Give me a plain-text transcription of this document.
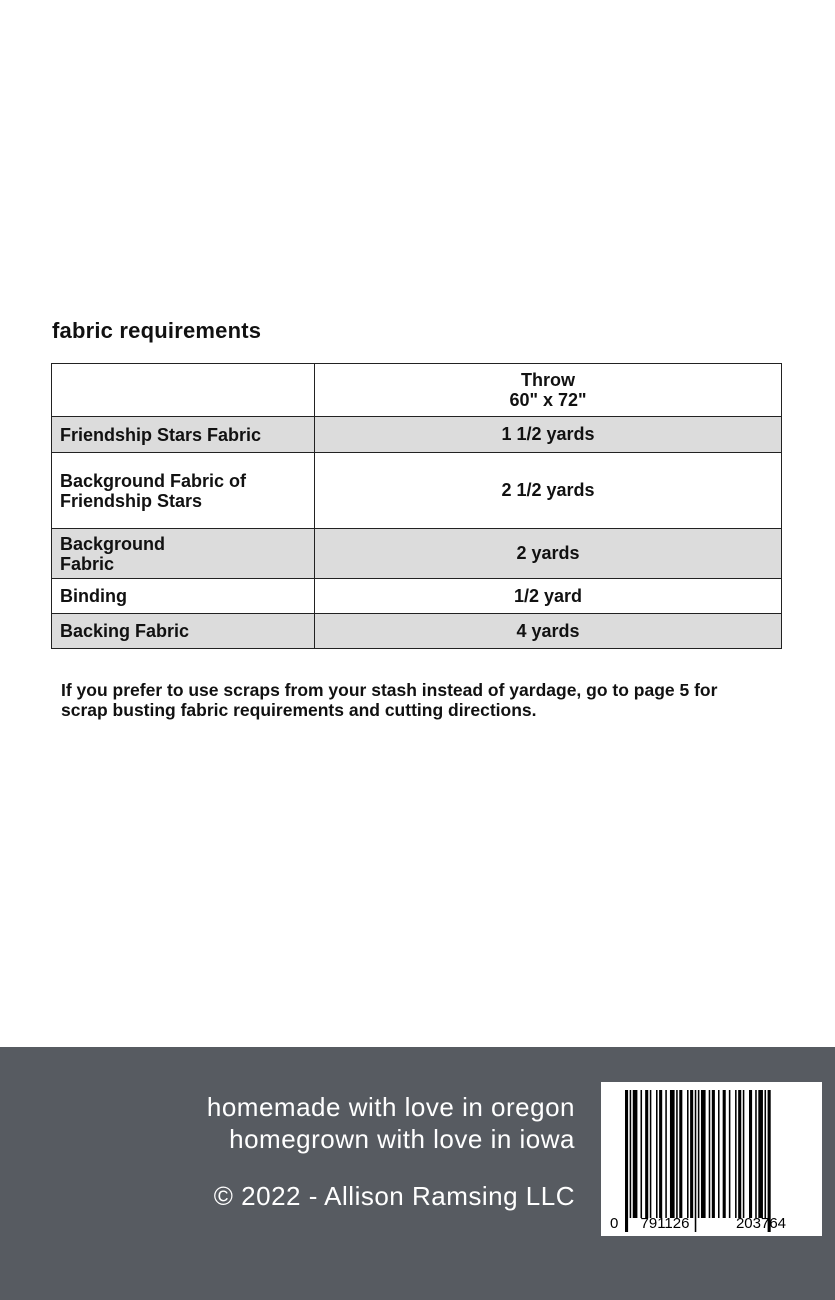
fabric requirements

	Throw
60" x 72"

Friendship Stars Fabric	1 1/2 yards
Background Fabric of Friendship Stars	2 1/2 yards
Background Fabric	2 yards
Binding	1/2 yard
Backing Fabric	4 yards

If you prefer to use scraps from your stash instead of yardage, go to page 5 for scrap busting fabric requirements and cutting directions.

homemade with love in oregon
homegrown with love in iowa
© 2022 - Allison Ramsing LLC
0 791126	203764
